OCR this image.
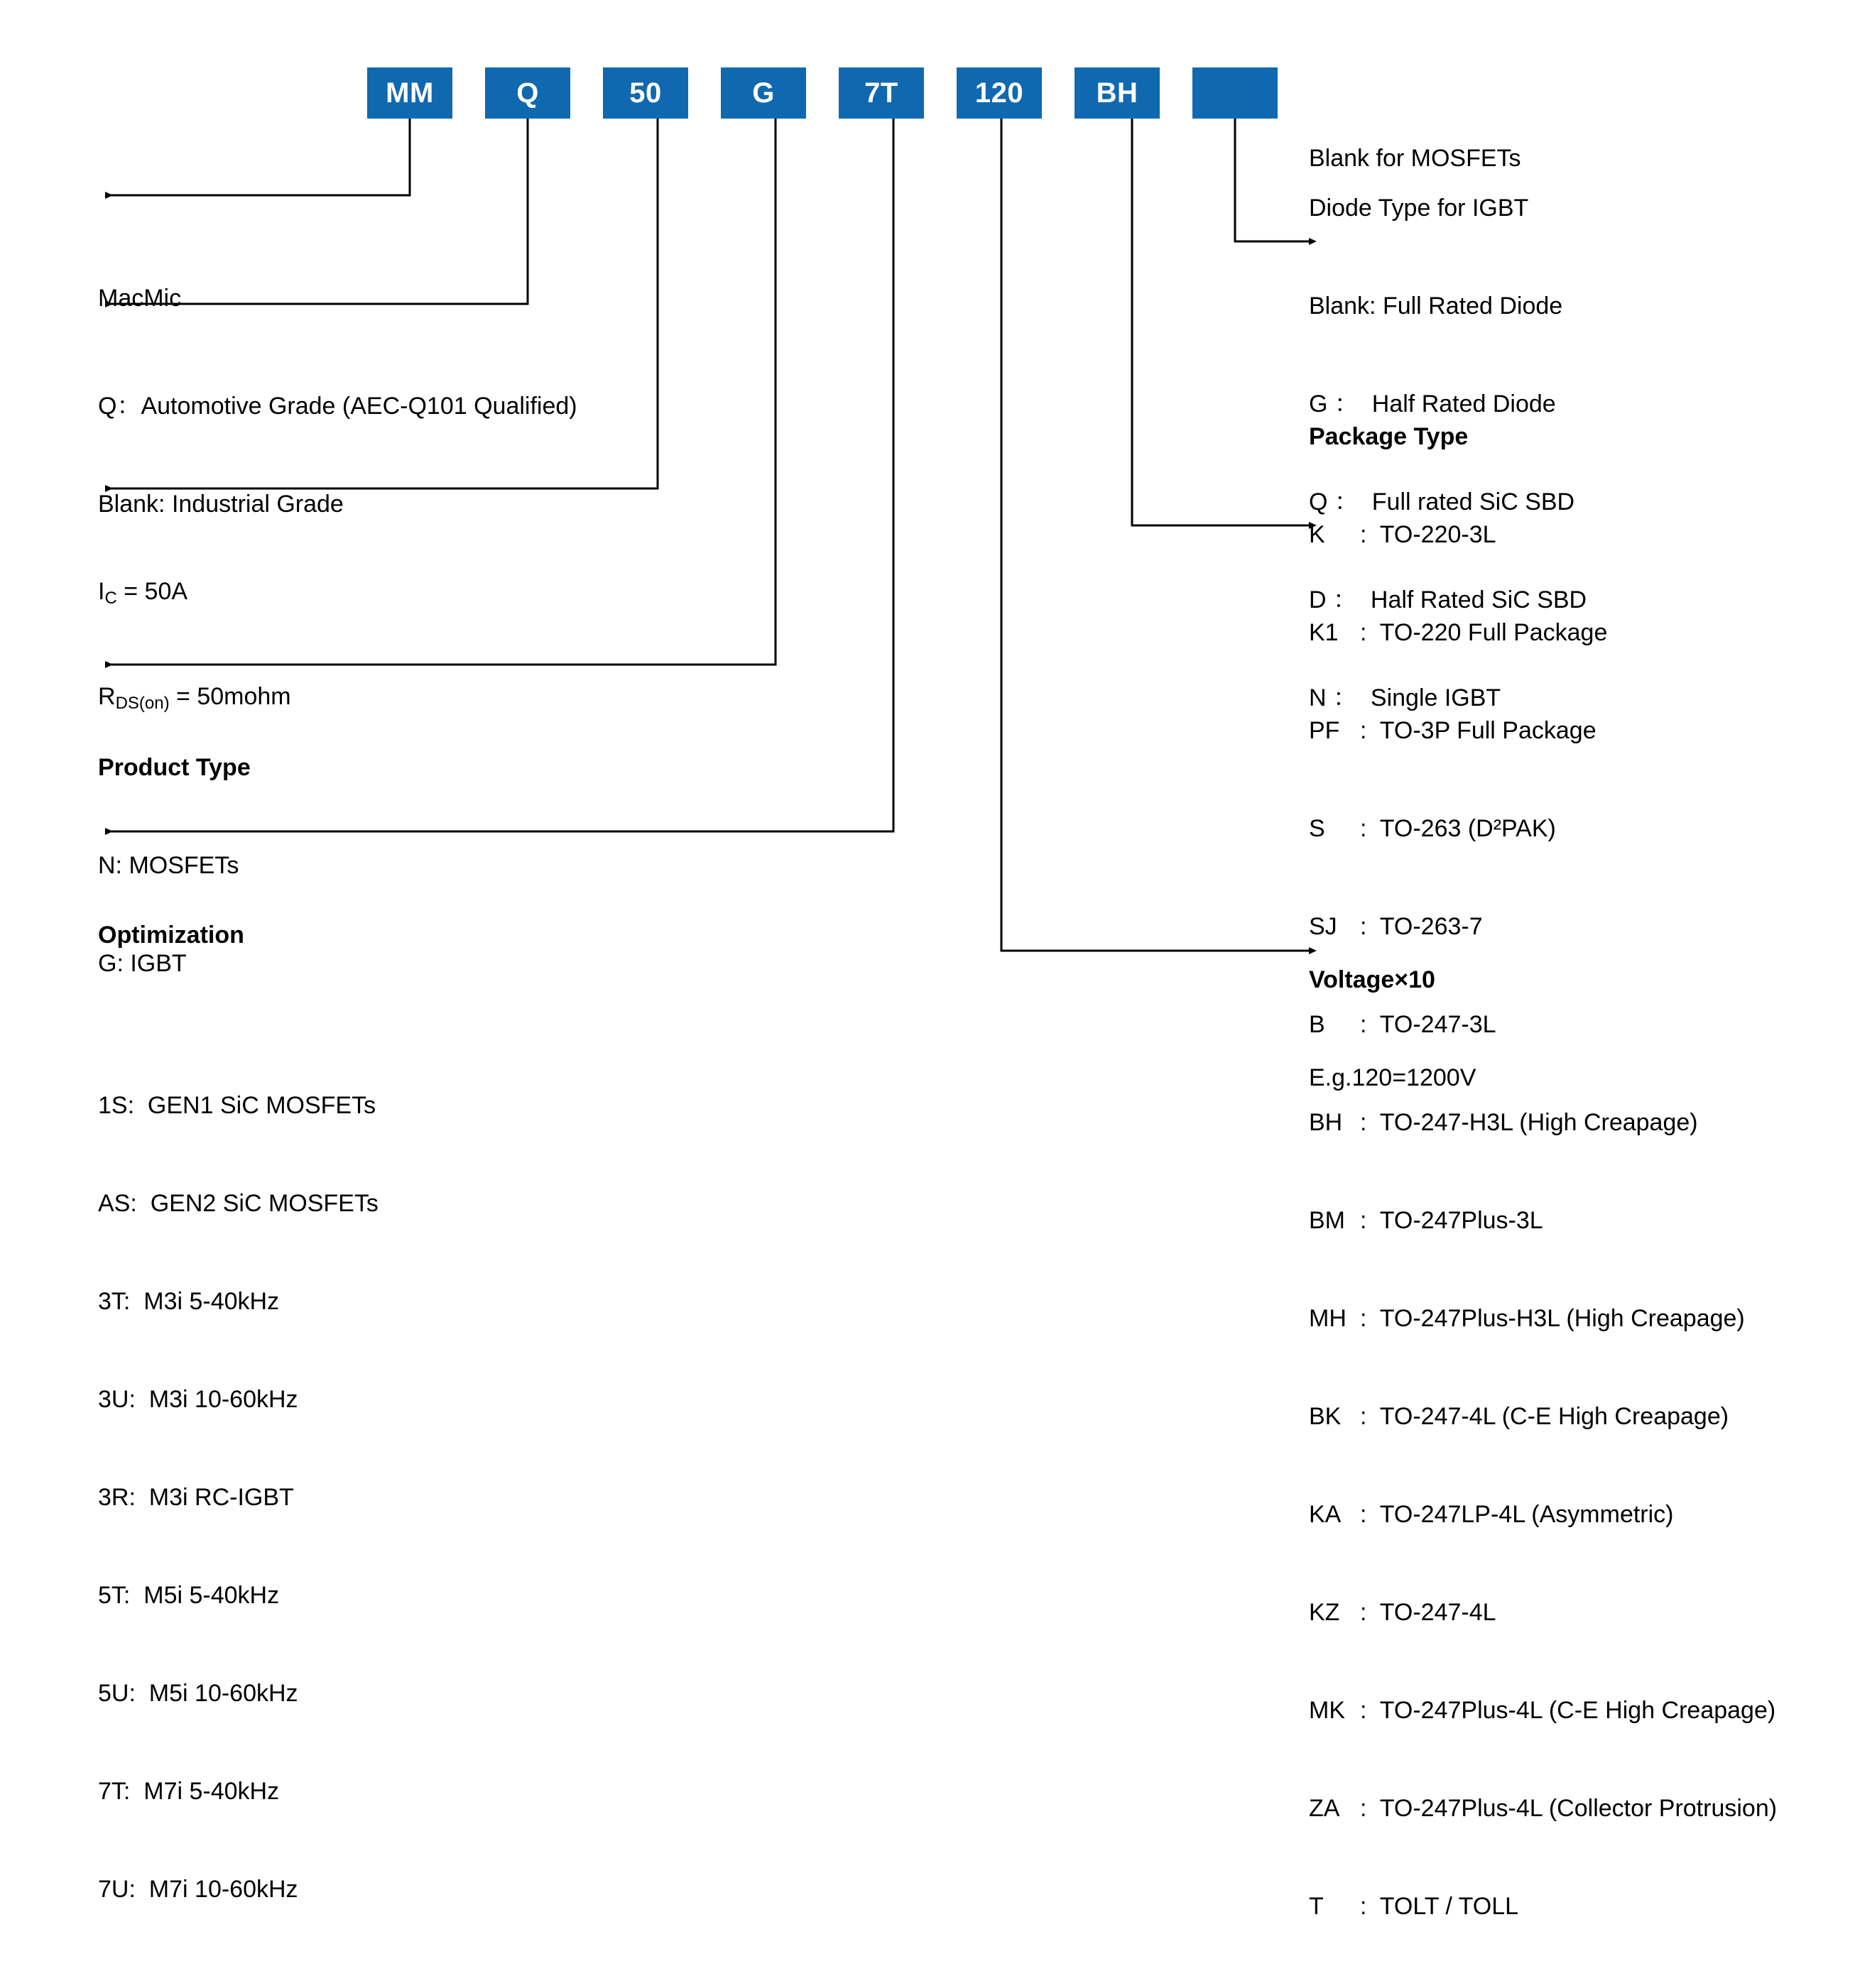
MM	Q	50	G	7T	120	BH

MacMic

Q：Automotive Grade (AEC-Q101 Qualified)

Blank: Industrial Grade

$I_C = 50A$

$R_{DS(on)}$ = 50mohm

Product Type

N: MOSFETs

G: IGBT

Optimization

1S:  GEN1 SiC MOSFETs

AS:  GEN2 SiC MOSFETs

3T:  M3i 5-40kHz

3U:  M3i 10-60kHz

3R:  M3i RC-IGBT

5T:  M5i 5-40kHz

5U:  M5i 10-60kHz

7T:  M7i 5-40kHz

7U:  M7i 10-60kHz

Blank for MOSFETs

Diode Type for IGBT

Blank: Full Rated Diode

G ：  Half Rated Diode

Q ：  Full rated SiC SBD

D ：  Half Rated SiC SBD

N ：  Single IGBT

Package Type

K : TO-220-3L

K1 : TO-220 Full Package

PF : TO-3P Full Package

S : TO-263 (D²PAK)

SJ : TO-263-7

B : TO-247-3L

BH : TO-247-H3L (High Creapage)

BM : TO-247Plus-3L

MH : TO-247Plus-H3L (High Creapage)

BK : TO-247-4L (C-E High Creapage)

KA : TO-247LP-4L (Asymmetric)

KZ : TO-247-4L

MK : TO-247Plus-4L (C-E High Creapage)

ZA : TO-247Plus-4L (Collector Protrusion)

T : TOLT / TOLL

Voltage×10

E.g.120=1200V
